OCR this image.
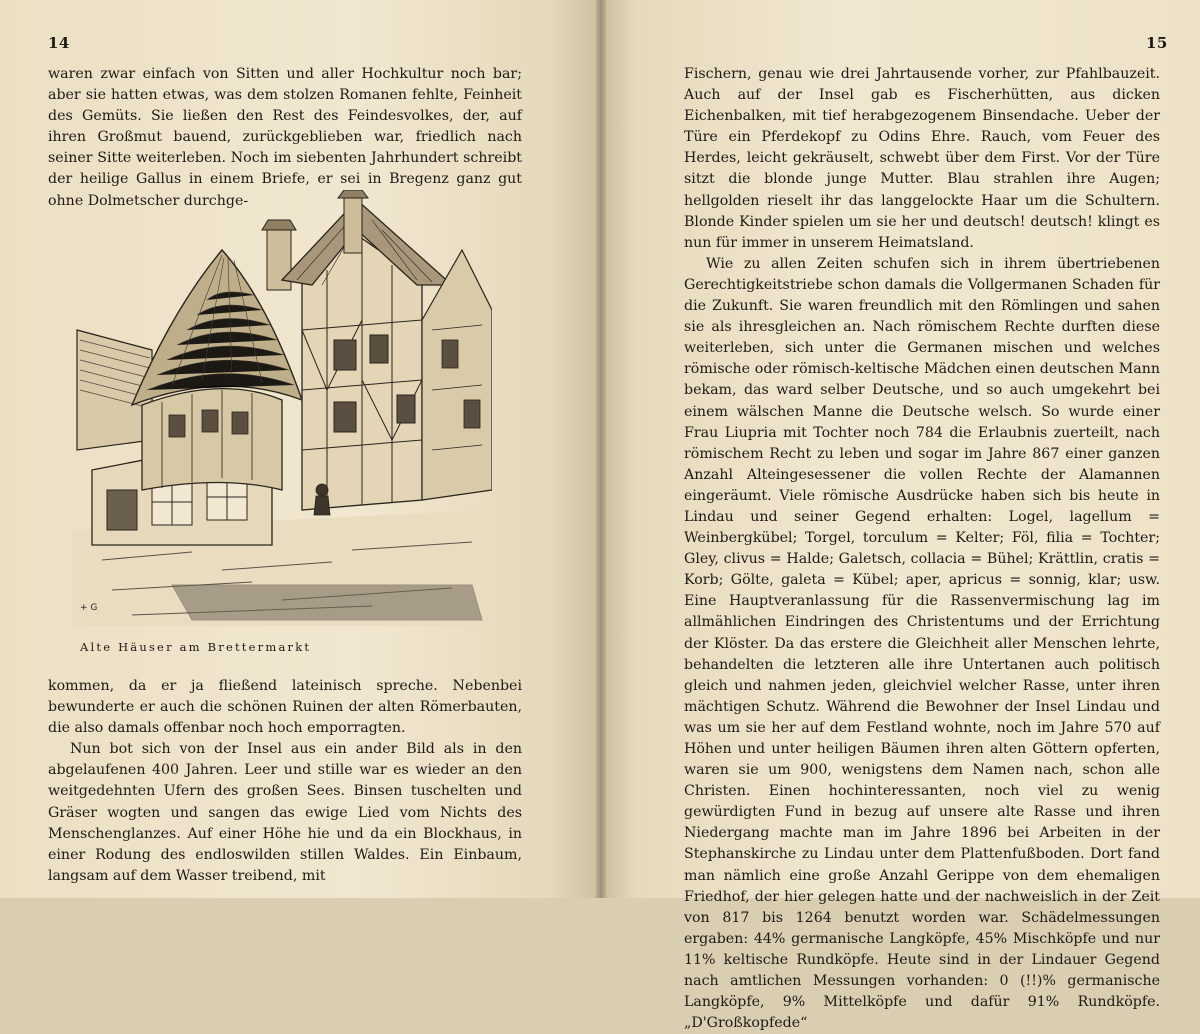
14

waren zwar einfach von Sitten und aller Hochkultur noch bar; aber sie hatten etwas, was dem stolzen Romanen fehlte, Feinheit des Gemüts. Sie ließen den Rest des Feindesvolkes, der, auf ihren Großmut bauend, zurückgeblieben war, friedlich nach seiner Sitte weiterleben. Noch im siebenten Jahrhundert schreibt der heilige Gallus in einem Briefe, er sei in Bregenz ganz gut ohne Dolmetscher durchge-

+ G
Alte Häuser am Brettermarkt

kommen, da er ja fließend lateinisch spreche. Nebenbei bewunderte er auch die schönen Ruinen der alten Römerbauten, die also damals offenbar noch hoch emporragten.

Nun bot sich von der Insel aus ein ander Bild als in den abgelaufenen 400 Jahren. Leer und stille war es wieder an den weitgedehnten Ufern des großen Sees. Binsen tuschelten und Gräser wogten und sangen das ewige Lied vom Nichts des Menschenglanzes. Auf einer Höhe hie und da ein Blockhaus, in einer Rodung des endloswilden stillen Waldes. Ein Einbaum, langsam auf dem Wasser treibend, mit

15

Fischern, genau wie drei Jahrtausende vorher, zur Pfahlbauzeit. Auch auf der Insel gab es Fischerhütten, aus dicken Eichenbalken, mit tief herabgezogenem Binsendache. Ueber der Türe ein Pferdekopf zu Odins Ehre. Rauch, vom Feuer des Herdes, leicht gekräuselt, schwebt über dem First. Vor der Türe sitzt die blonde junge Mutter. Blau strahlen ihre Augen; hellgolden rieselt ihr das langgelockte Haar um die Schultern. Blonde Kinder spielen um sie her und deutsch! deutsch! klingt es nun für immer in unserem Heimatsland.

Wie zu allen Zeiten schufen sich in ihrem übertriebenen Gerechtigkeitstriebe schon damals die Vollgermanen Schaden für die Zukunft. Sie waren freundlich mit den Römlingen und sahen sie als ihresgleichen an. Nach römischem Rechte durften diese weiterleben, sich unter die Germanen mischen und welches römische oder römisch-keltische Mädchen einen deutschen Mann bekam, das ward selber Deutsche, und so auch umgekehrt bei einem wälschen Manne die Deutsche welsch. So wurde einer Frau Liupria mit Tochter noch 784 die Erlaubnis zuerteilt, nach römischem Recht zu leben und sogar im Jahre 867 einer ganzen Anzahl Alteingesessener die vollen Rechte der Alamannen eingeräumt. Viele römische Ausdrücke haben sich bis heute in Lindau und seiner Gegend erhalten: Logel, lagellum = Weinbergkübel; Torgel, torculum = Kelter; Föl, filia = Tochter; Gley, clivus = Halde; Galetsch, collacia = Bühel; Krättlin, cratis = Korb; Gölte, galeta = Kübel; aper, apricus = sonnig, klar; usw. Eine Hauptveranlassung für die Rassenvermischung lag im allmählichen Eindringen des Christentums und der Errichtung der Klöster. Da das erstere die Gleichheit aller Menschen lehrte, behandelten die letzteren alle ihre Untertanen auch politisch gleich und nahmen jeden, gleichviel welcher Rasse, unter ihren mächtigen Schutz. Während die Bewohner der Insel Lindau und was um sie her auf dem Festland wohnte, noch im Jahre 570 auf Höhen und unter heiligen Bäumen ihren alten Göttern opferten, waren sie um 900, wenigstens dem Namen nach, schon alle Christen. Einen hochinteressanten, noch viel zu wenig gewürdigten Fund in bezug auf unsere alte Rasse und ihren Niedergang machte man im Jahre 1896 bei Arbeiten in der Stephanskirche zu Lindau unter dem Plattenfußboden. Dort fand man nämlich eine große Anzahl Gerippe von dem ehemaligen Friedhof, der hier gelegen hatte und der nachweislich in der Zeit von 817 bis 1264 benutzt worden war. Schädelmessungen ergaben: 44% germanische Langköpfe, 45% Mischköpfe und nur 11% keltische Rundköpfe. Heute sind in der Lindauer Gegend nach amtlichen Messungen vorhanden: 0 (!!)% germanische Langköpfe, 9% Mittelköpfe und dafür 91% Rundköpfe. „D'Großkopfede“
